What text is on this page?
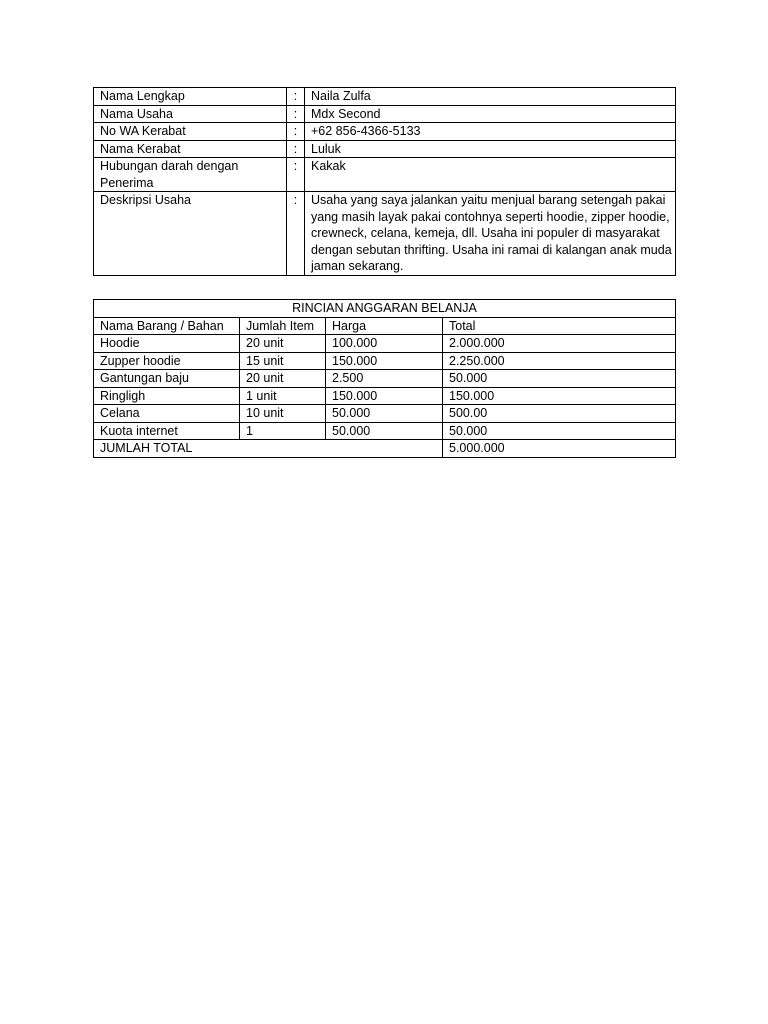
Nama Lengkap	:	Naila Zulfa
Nama Usaha	:	Mdx Second
No WA Kerabat	:	+62 856-4366-5133
Nama Kerabat	:	Luluk
Hubungan darah dengan Penerima	:	Kakak
Deskripsi Usaha	:	Usaha yang saya jalankan yaitu menjual barang setengah pakai yang masih layak pakai contohnya seperti hoodie, zipper hoodie, crewneck, celana, kemeja, dll. Usaha ini populer di masyarakat dengan sebutan thrifting. Usaha ini ramai di kalangan anak muda jaman sekarang.
RINCIAN ANGGARAN BELANJA			
Nama Barang / Bahan	Jumlah Item	Harga	Total
Hoodie	20 unit	100.000	2.000.000
Zupper hoodie	15 unit	150.000	2.250.000
Gantungan baju	20 unit	2.500	50.000
Ringligh	1 unit	150.000	150.000
Celana	10 unit	50.000	500.00
Kuota internet	1	50.000	50.000
JUMLAH TOTAL			5.000.000
